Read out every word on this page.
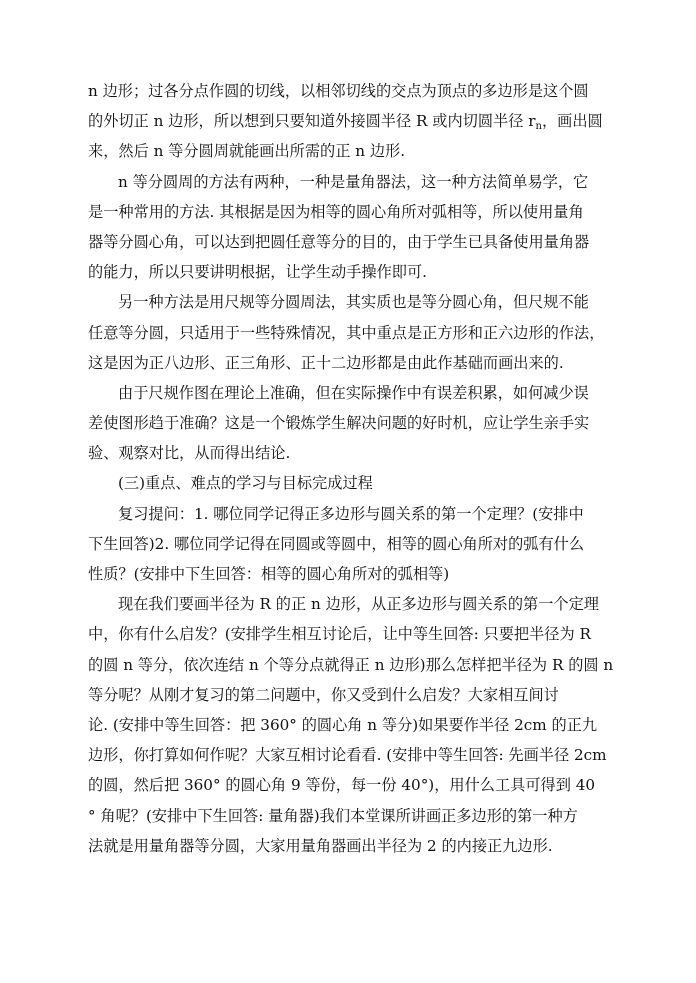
n 边形；过各分点作圆的切线，以相邻切线的交点为顶点的多边形是这个圆
的外切正 n 边形，所以想到只要知道外接圆半径 R 或内切圆半径 $r_n$，画出圆
来，然后 n 等分圆周就能画出所需的正 n 边形.
n 等分圆周的方法有两种，一种是量角器法，这一种方法简单易学，它
是一种常用的方法. 其根据是因为相等的圆心角所对弧相等，所以使用量角
器等分圆心角，可以达到把圆任意等分的目的，由于学生已具备使用量角器
的能力，所以只要讲明根据，让学生动手操作即可.
另一种方法是用尺规等分圆周法，其实质也是等分圆心角，但尺规不能
任意等分圆，只适用于一些特殊情况，其中重点是正方形和正六边形的作法，
这是因为正八边形、正三角形、正十二边形都是由此作基础而画出来的.
由于尺规作图在理论上准确，但在实际操作中有误差积累，如何减少误
差使图形趋于准确？这是一个锻炼学生解决问题的好时机，应让学生亲手实
验、观察对比，从而得出结论.
(三)重点、难点的学习与目标完成过程
复习提问：1. 哪位同学记得正多边形与圆关系的第一个定理？(安排中
下生回答)2. 哪位同学记得在同圆或等圆中，相等的圆心角所对的弧有什么
性质？(安排中下生回答：相等的圆心角所对的弧相等)
现在我们要画半径为 R 的正 n 边形，从正多边形与圆关系的第一个定理
中，你有什么启发？(安排学生相互讨论后，让中等生回答: 只要把半径为 R
的圆 n 等分，依次连结 n 个等分点就得正 n 边形)那么怎样把半径为 R 的圆 n
等分呢？从刚才复习的第二问题中，你又受到什么启发？大家相互间讨
论. (安排中等生回答：把 360° 的圆心角 n 等分)如果要作半径 2cm 的正九
边形，你打算如何作呢？大家互相讨论看看. (安排中等生回答: 先画半径 2cm
的圆，然后把 360° 的圆心角 9 等份，每一份 40°)，用什么工具可得到 40
° 角呢？(安排中下生回答: 量角器)我们本堂课所讲画正多边形的第一种方
法就是用量角器等分圆，大家用量角器画出半径为 2 的内接正九边形.
